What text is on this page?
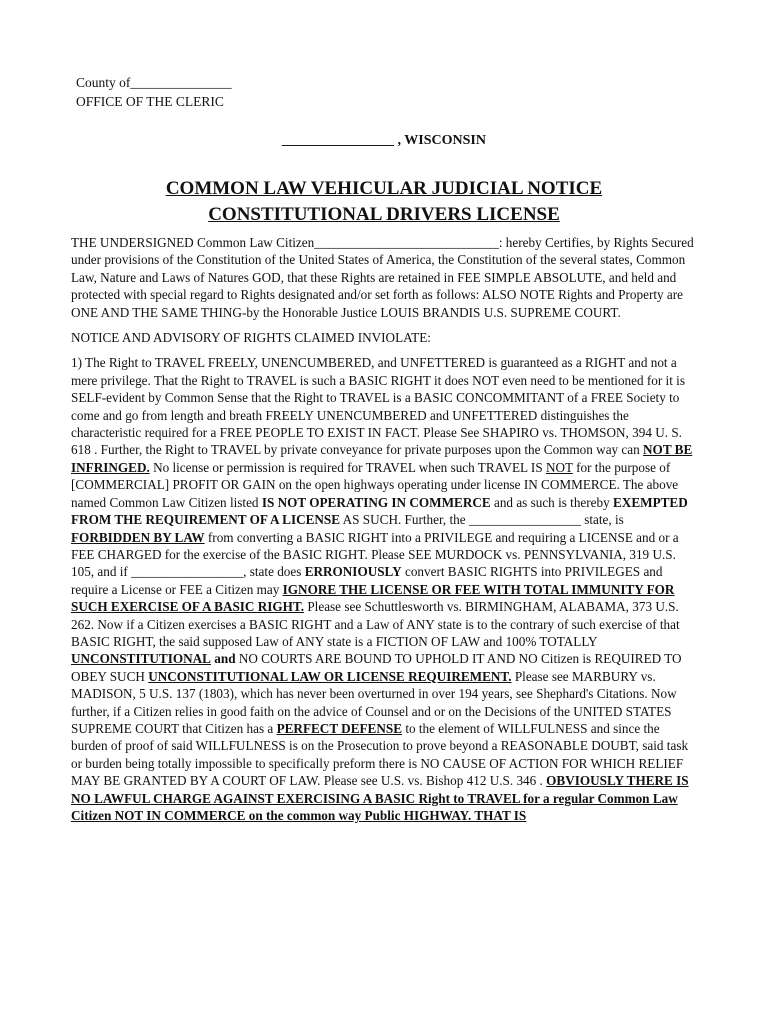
County of_______________
OFFICE OF THE CLERIC
________________ , WISCONSIN
COMMON LAW VEHICULAR JUDICIAL NOTICE
CONSTITUTIONAL DRIVERS LICENSE

THE UNDERSIGNED Common Law Citizen____________________________: hereby Certifies, by Rights Secured under provisions of the Constitution of the United States of America, the Constitution of the several states, Common Law, Nature and Laws of Natures GOD, that these Rights are retained in FEE SIMPLE ABSOLUTE, and held and protected with special regard to Rights designated and/or set forth as follows: ALSO NOTE Rights and Property are ONE AND THE SAME THING-by the Honorable Justice LOUIS BRANDIS U.S. SUPREME COURT.

NOTICE AND ADVISORY OF RIGHTS CLAIMED INVIOLATE:

1) The Right to TRAVEL FREELY, UNENCUMBERED, and UNFETTERED is guaranteed as a RIGHT and not a mere privilege. That the Right to TRAVEL is such a BASIC RIGHT it does NOT even need to be mentioned for it is SELF-evident by Common Sense that the Right to TRAVEL is a BASIC CONCOMMITANT of a FREE Society to come and go from length and breath FREELY UNENCUMBERED and UNFETTERED distinguishes the characteristic required for a FREE PEOPLE TO EXIST IN FACT. Please See SHAPIRO vs. THOMSON, 394 U. S. 618 . Further, the Right to TRAVEL by private conveyance for private purposes upon the Common way can NOT BE INFRINGED. No license or permission is required for TRAVEL when such TRAVEL IS NOT for the purpose of [COMMERCIAL] PROFIT OR GAIN on the open highways operating under license IN COMMERCE. The above named Common Law Citizen listed IS NOT OPERATING IN COMMERCE and as such is thereby EXEMPTED FROM THE REQUIREMENT OF A LICENSE AS SUCH. Further, the _________________ state, is FORBIDDEN BY LAW from converting a BASIC RIGHT into a PRIVILEGE and requiring a LICENSE and or a FEE CHARGED for the exercise of the BASIC RIGHT. Please SEE MURDOCK vs. PENNSYLVANIA, 319 U.S. 105, and if _________________, state does ERRONIOUSLY convert BASIC RIGHTS into PRIVILEGES and require a License or FEE a Citizen may IGNORE THE LICENSE OR FEE WITH TOTAL IMMUNITY FOR SUCH EXERCISE OF A BASIC RIGHT. Please see Schuttlesworth vs. BIRMINGHAM, ALABAMA, 373 U.S. 262. Now if a Citizen exercises a BASIC RIGHT and a Law of ANY state is to the contrary of such exercise of that BASIC RIGHT, the said supposed Law of ANY state is a FICTION OF LAW and 100% TOTALLY UNCONSTITUTIONAL and NO COURTS ARE BOUND TO UPHOLD IT AND NO Citizen is REQUIRED TO OBEY SUCH UNCONSTITUTIONAL LAW OR LICENSE REQUIREMENT. Please see MARBURY vs. MADISON, 5 U.S. 137 (1803), which has never been overturned in over 194 years, see Shephard's Citations. Now further, if a Citizen relies in good faith on the advice of Counsel and or on the Decisions of the UNITED STATES SUPREME COURT that Citizen has a PERFECT DEFENSE to the element of WILLFULNESS and since the burden of proof of said WILLFULNESS is on the Prosecution to prove beyond a REASONABLE DOUBT, said task or burden being totally impossible to specifically preform there is NO CAUSE OF ACTION FOR WHICH RELIEF MAY BE GRANTED BY A COURT OF LAW. Please see U.S. vs. Bishop 412 U.S. 346 . OBVIOUSLY THERE IS NO LAWFUL CHARGE AGAINST EXERCISING A BASIC Right to TRAVEL for a regular Common Law Citizen NOT IN COMMERCE on the common way Public HIGHWAY. THAT IS
